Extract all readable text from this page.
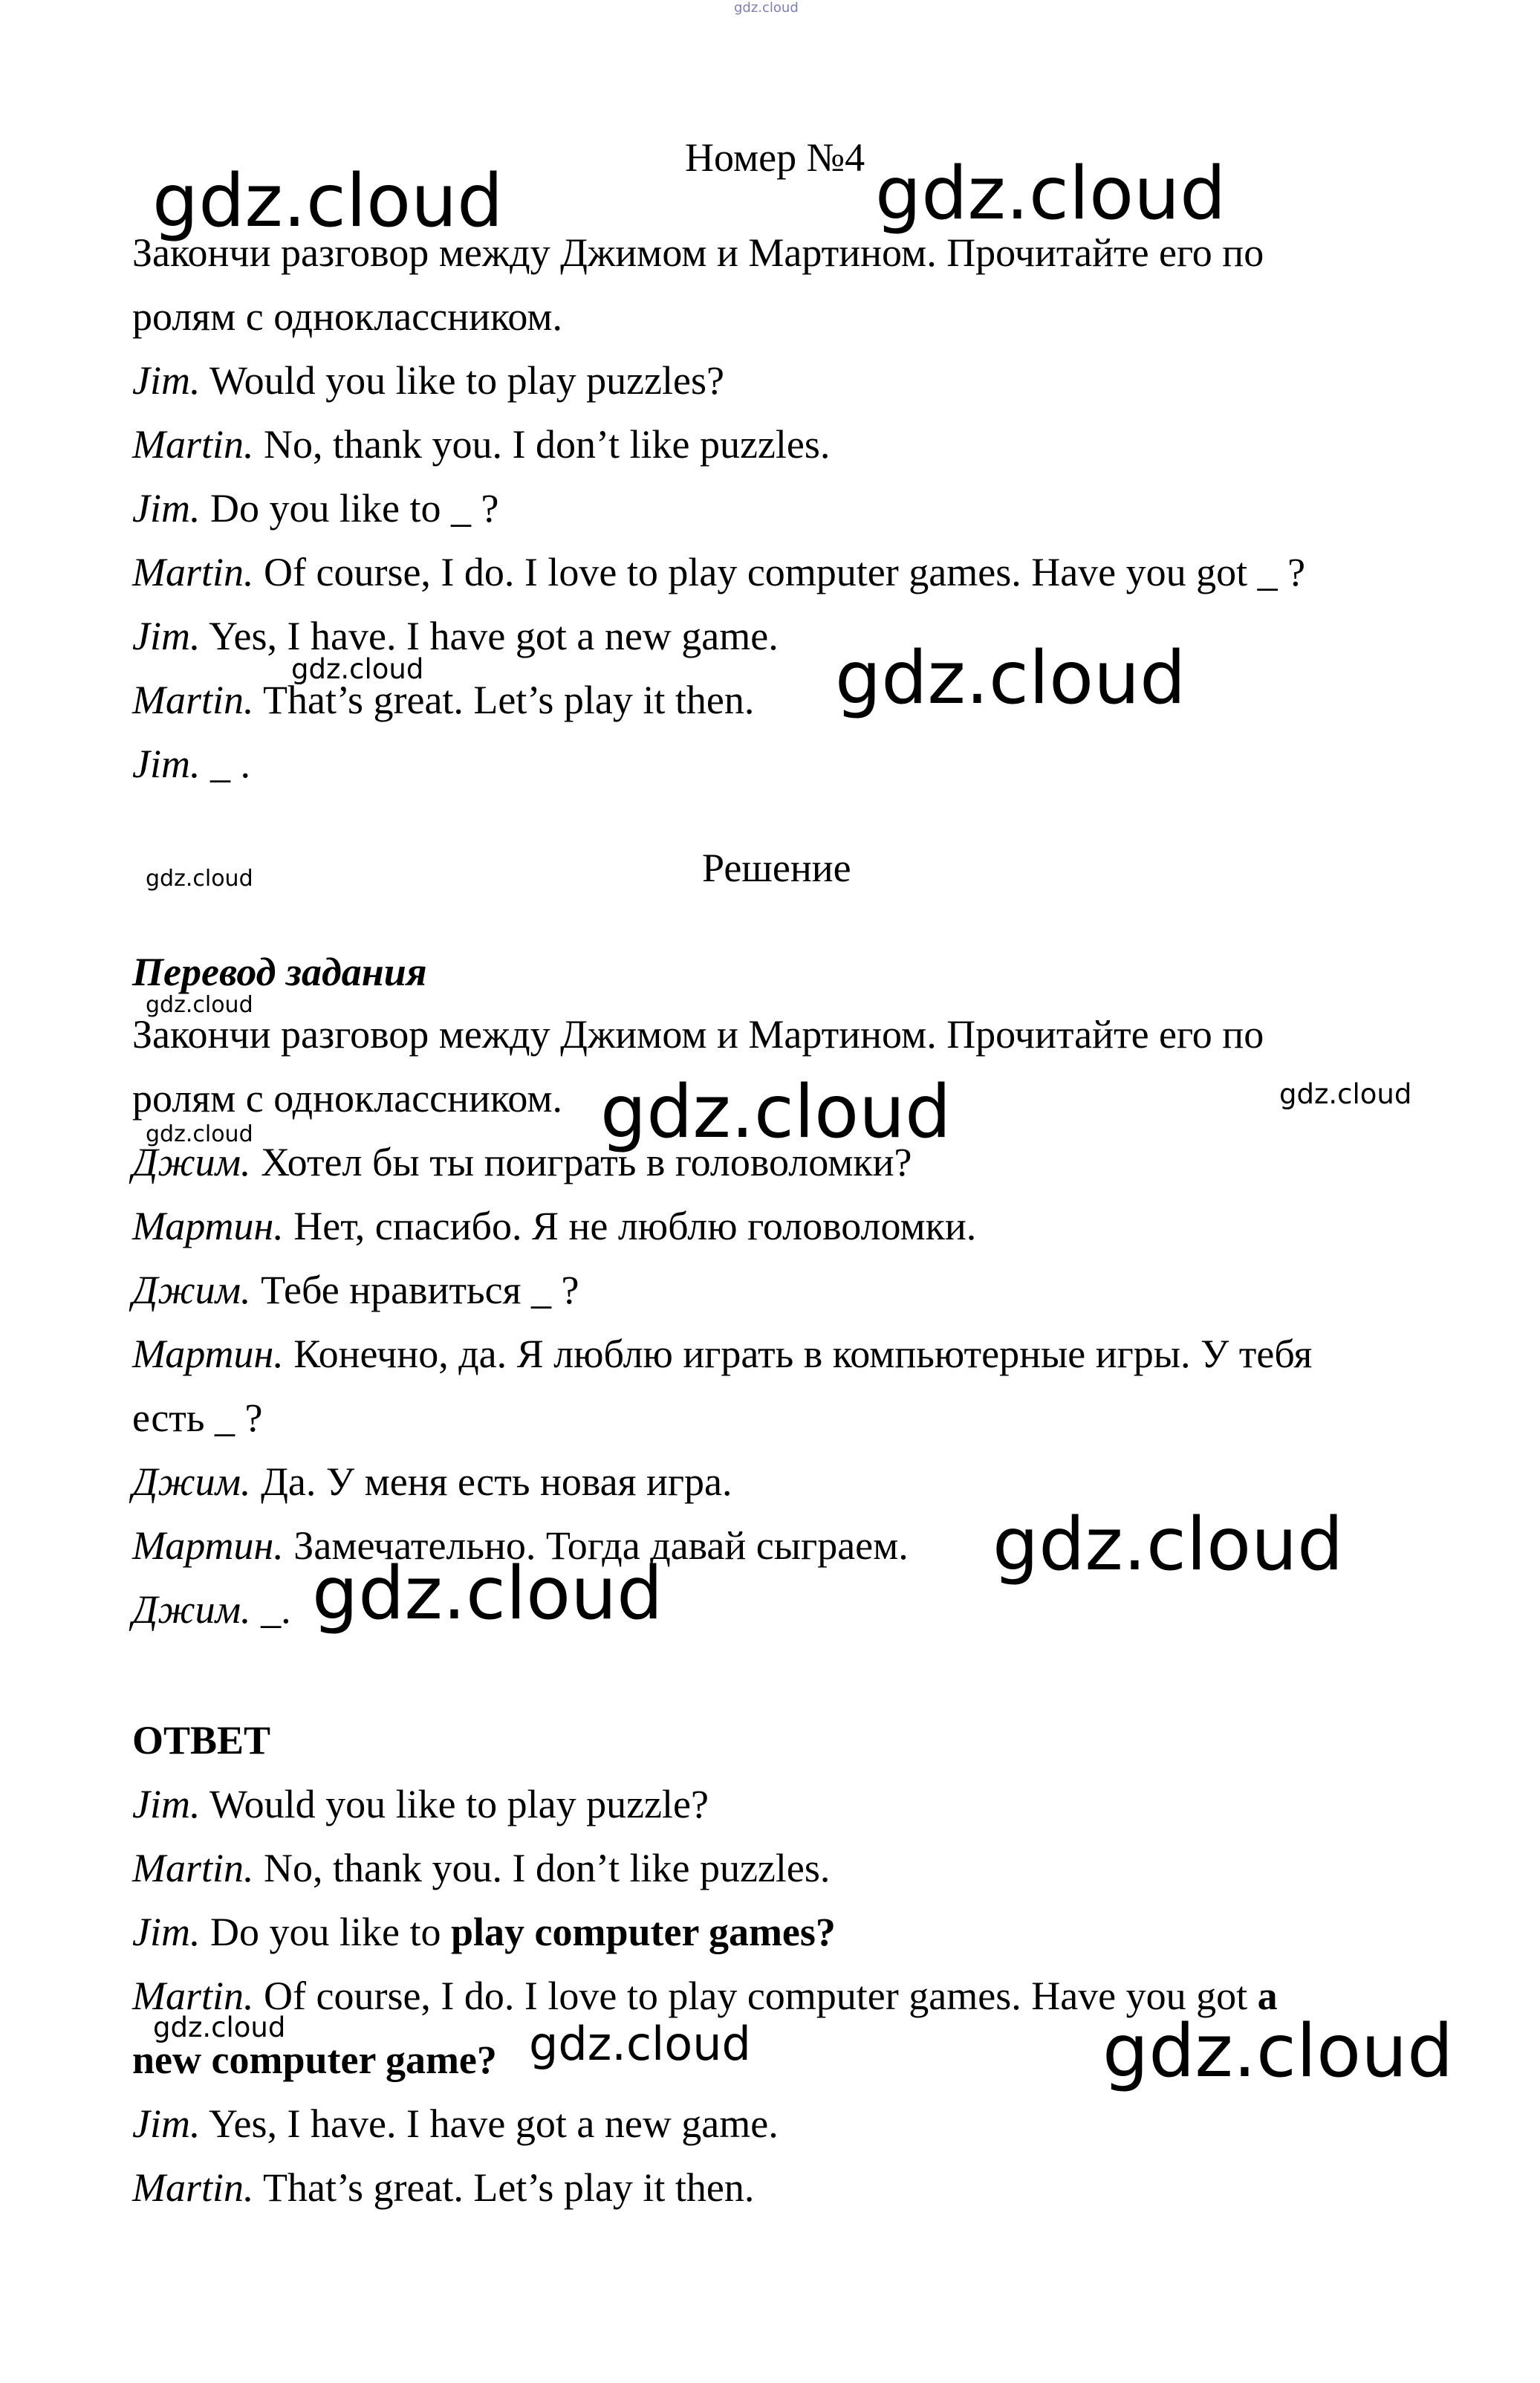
Номер №4
Закончи разговор между Джимом и Мартином. Прочитайте его по
ролям с одноклассником.
Jim. Would you like to play puzzles?
Martin. No, thank you. I don’t like puzzles.
Jim. Do you like to _ ?
Martin. Of course, I do. I love to play computer games. Have you got _ ?
Jim. Yes, I have. I have got a new game.
Martin. That’s great. Let’s play it then.
Jim. _ .
Решение
Перевод задания
Закончи разговор между Джимом и Мартином. Прочитайте его по
ролям с одноклассником.
Джим. Хотел бы ты поиграть в головоломки?
Мартин. Нет, спасибо. Я не люблю головоломки.
Джим. Тебе нравиться _ ?
Мартин. Конечно, да. Я люблю играть в компьютерные игры. У тебя
есть _ ?
Джим. Да. У меня есть новая игра.
Мартин. Замечательно. Тогда давай сыграем.
Джим. _.
ОТВЕТ
Jim. Would you like to play puzzle?
Martin. No, thank you. I don’t like puzzles.
Jim. Do you like to play computer games?
Martin. Of course, I do. I love to play computer games. Have you got a
new computer game?
Jim. Yes, I have. I have got a new game.
Martin. That’s great. Let’s play it then.
gdz.cloud
gdz.cloud	gdz.cloud
gdz.cloud	gdz.cloud
gdz.cloud
gdz.cloud
gdz.cloud	gdz.cloud
gdz.cloud
gdz.cloud
gdz.cloud
gdz.cloud	gdz.cloud	gdz.cloud
